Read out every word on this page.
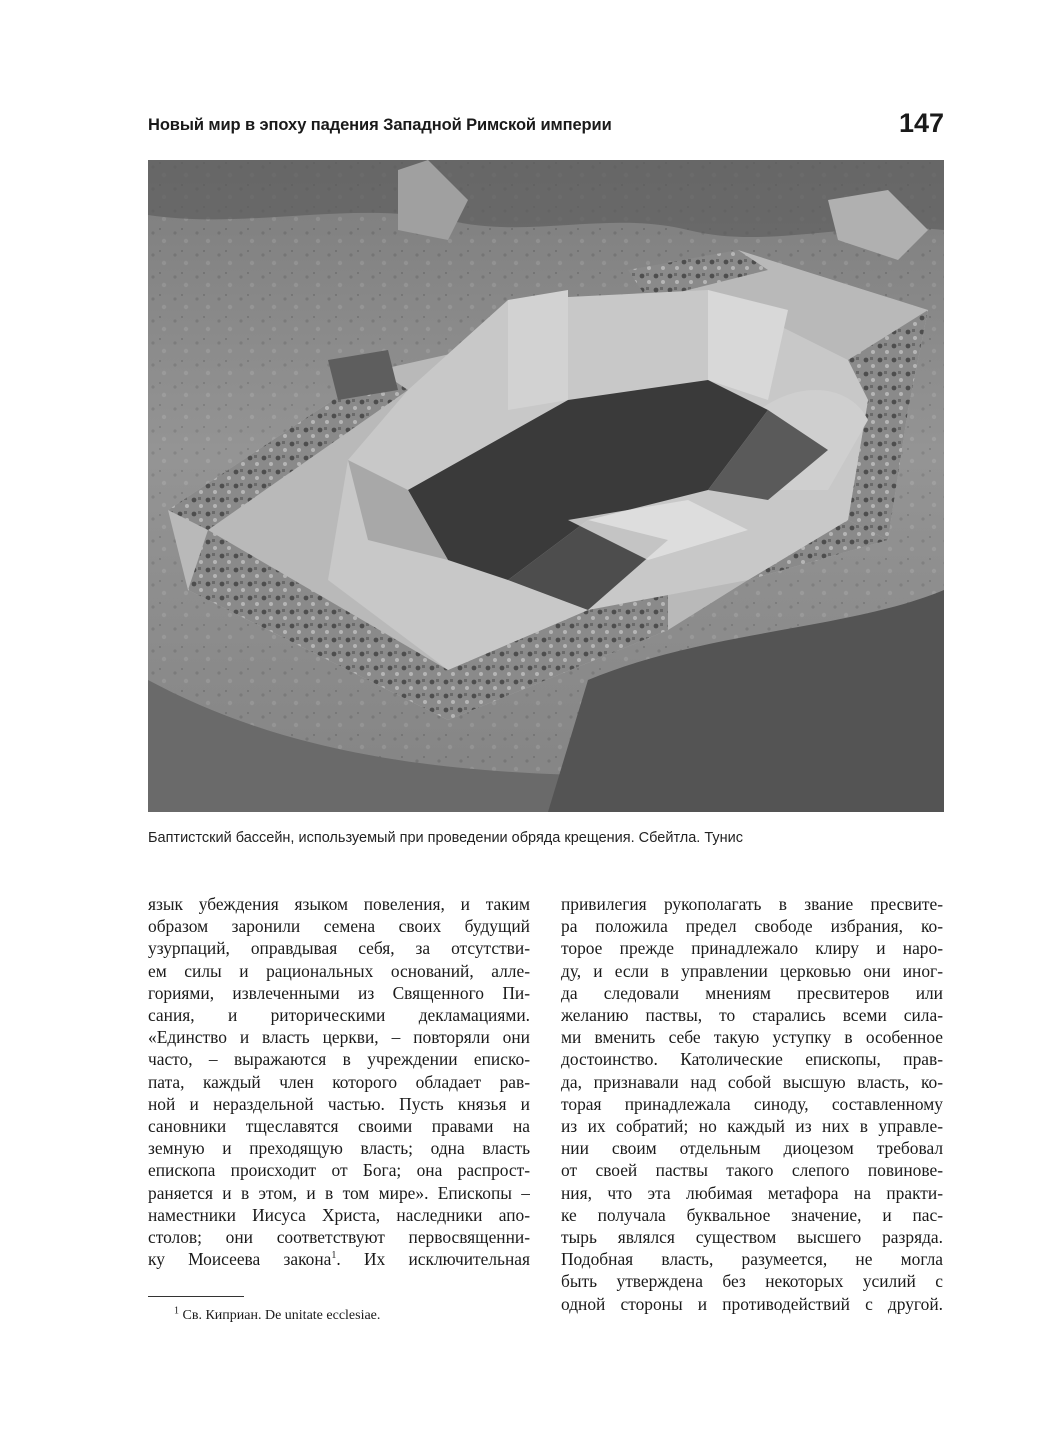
Новый мир в эпоху падения Западной Римской империи	147
Баптистский бассейн, используемый при проведении обряда крещения. Сбейтла. Тунис
язык убеждения языком повеления, и таким
образом заронили семена своих будущий
узурпаций, оправдывая себя, за отсутстви-
ем силы и рациональных оснований, алле-
гориями, извлеченными из Священного Пи-
сания, и риторическими декламациями.
«Единство и власть церкви, – повторяли они
часто, – выражаются в учреждении еписко-
пата, каждый член которого обладает рав-
ной и нераздельной частью. Пусть князья и
сановники тщеславятся своими правами на
земную и преходящую власть; одна власть
епископа происходит от Бога; она распрост-
раняется и в этом, и в том мире». Епископы –
наместники Иисуса Христа, наследники апо-
столов; они соответствуют первосвященни-
ку Моисеева закона$^1$. Их исключительная
привилегия рукополагать в звание пресвите-
ра положила предел свободе избрания, ко-
торое прежде принадлежало клиру и наро-
ду, и если в управлении церковью они иног-
да следовали мнениям пресвитеров или
желанию паствы, то старались всеми сила-
ми вменить себе такую уступку в особенное
достоинство. Католические епископы, прав-
да, признавали над собой высшую власть, ко-
торая принадлежала синоду, составленному
из их собратий; но каждый из них в управле-
нии своим отдельным диоцезом требовал
от своей паствы такого слепого повинове-
ния, что эта любимая метафора на практи-
ке получала буквальное значение, и пас-
тырь являлся существом высшего разряда.
Подобная власть, разумеется, не могла
быть утверждена без некоторых усилий с
одной стороны и противодействий с другой.
$^1$ Св. Киприан. De unitate ecclesiae.
